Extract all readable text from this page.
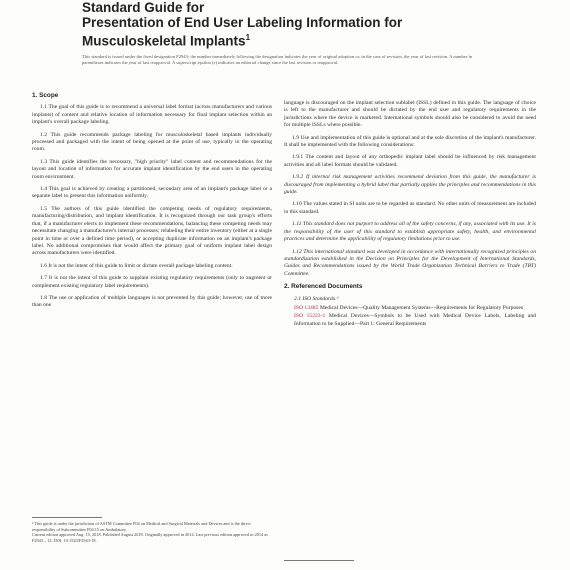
Standard Guide for
Presentation of End User Labeling Information for
Musculoskeletal Implants$^1$
This standard is issued under the fixed designation F2943; the number immediately following the designation indicates the year of original adoption or, in the case of revision, the year of last revision. A number in parentheses indicates the year of last reapproval. A superscript epsilon (ε) indicates an editorial change since the last revision or reapproval.
1. Scope
1.1 The goal of this guide is to recommend a universal label format (across manufacturers and various implants) of content and relative location of information necessary for final implant selection within an implant's overall package labeling.
1.2 This guide recommends package labeling for musculoskeletal based implants individually processed and packaged with the intent of being opened at the point of use, typically in the operating room.
1.3 This guide identifies the necessary, "high priority" label content and recommendations for the layout and location of information for accurate implant identification by the end users in the operating room environment.
1.4 This goal is achieved by creating a partitioned, secondary area of an implant's package label or a separate label to present this information uniformly.
1.5 The authors of this guide identified the competing needs of regulatory requirements, manufacturing/distribution, and implant identification. It is recognized through our task group's efforts that, if a manufacturer elects to implement these recommendations, balancing these competing needs may necessitate changing a manufacturer's internal processes; relabeling their entire inventory (either at a single point in time or over a defined time period), or accepting duplicate information on an implant's package label. No additional compromises that would affect the primary goal of uniform implant label design across manufacturers were identified.
1.6 It is not the intent of this guide to limit or dictate overall package labeling content.
1.7 It is not the intent of this guide to supplant existing regulatory requirements (only to augment or complement existing regulatory label requirements).
1.8 The use or application of multiple languages is not prevented by this guide; however, use of more than one
¹ This guide is under the jurisdiction of ASTM Committee F04 on Medical and Surgical Materials and Devices and is the direct responsibility of Subcommittee F04.15 on Ambulatory.
Current edition approved Aug. 15, 2018. Published August 2018. Originally approved in 2014. Last previous edition approved in 2014 as F2943 – 14. DOI: 10.1520/F2943-18.
language is discouraged on the implant selection sublabel (ISSL) defined in this guide. The language of choice is left to the manufacturer and should be dictated by the end user and regulatory requirements in the jurisdictions where the device is marketed. International symbols should also be considered to avoid the need for multiple ISSLs where possible.
1.9 Use and implementation of this guide is optional and at the sole discretion of the implant's manufacturer. It shall be implemented with the following considerations:
1.9.1 The content and layout of any orthopedic implant label should be influenced by risk management activities and all label formats should be validated.
1.9.2 If internal risk management activities recommend deviation from this guide, the manufacturer is discouraged from implementing a hybrid label that partially applies the principles and recommendations in this guide.
1.10 The values stated in SI units are to be regarded as standard. No other units of measurement are included in this standard.
1.11 This standard does not purport to address all of the safety concerns, if any, associated with its use. It is the responsibility of the user of this standard to establish appropriate safety, health, and environmental practices and determine the applicability of regulatory limitations prior to use.
1.12 This international standard was developed in accordance with internationally recognized principles on standardization established in the Decision on Principles for the Development of International Standards, Guides and Recommendations issued by the World Trade Organization Technical Barriers to Trade (TBT) Committee.
2. Referenced Documents
2.1 ISO Standards:²
ISO 13485 Medical Devices—Quality Management Systems—Requirements for Regulatory Purposes
ISO 15223-1 Medical Devices—Symbols to be Used with Medical Device Labels, Labeling and Information to be Supplied—Part 1: General Requirements
